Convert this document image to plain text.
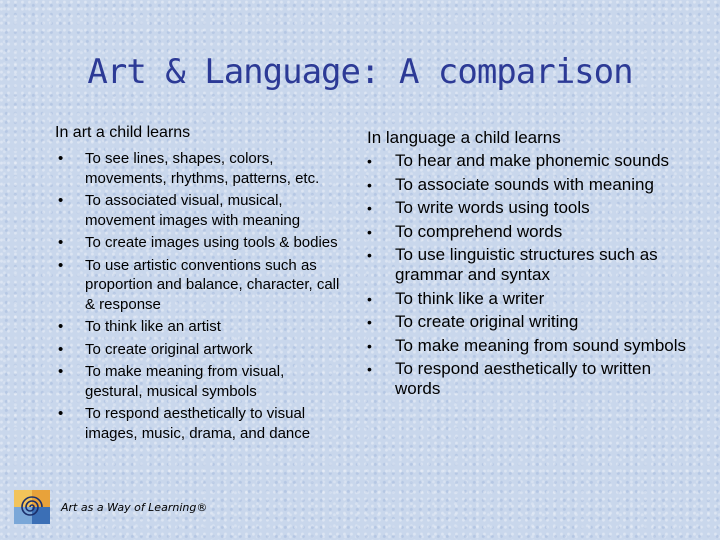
Art & Language: A comparison
In art a child learns
•	To see lines, shapes, colors, movements, rhythms, patterns, etc.
•	To associated visual, musical, movement images with meaning
•	To create images using tools & bodies
•	To use artistic conventions such as proportion and balance, character, call & response
•	To think like an artist
•	To create original artwork
•	To make meaning from visual, gestural, musical symbols
•	To respond aesthetically to visual images, music, drama, and dance
In language a child learns
•	To hear and make phonemic sounds
•	To associate sounds with meaning
•	To write words using tools
•	To comprehend words
•	To use linguistic structures such as grammar and syntax
•	To think like a writer
•	To create original writing
•	To make meaning from sound symbols
•	To respond aesthetically to written words
Art as a Way of Learning®
